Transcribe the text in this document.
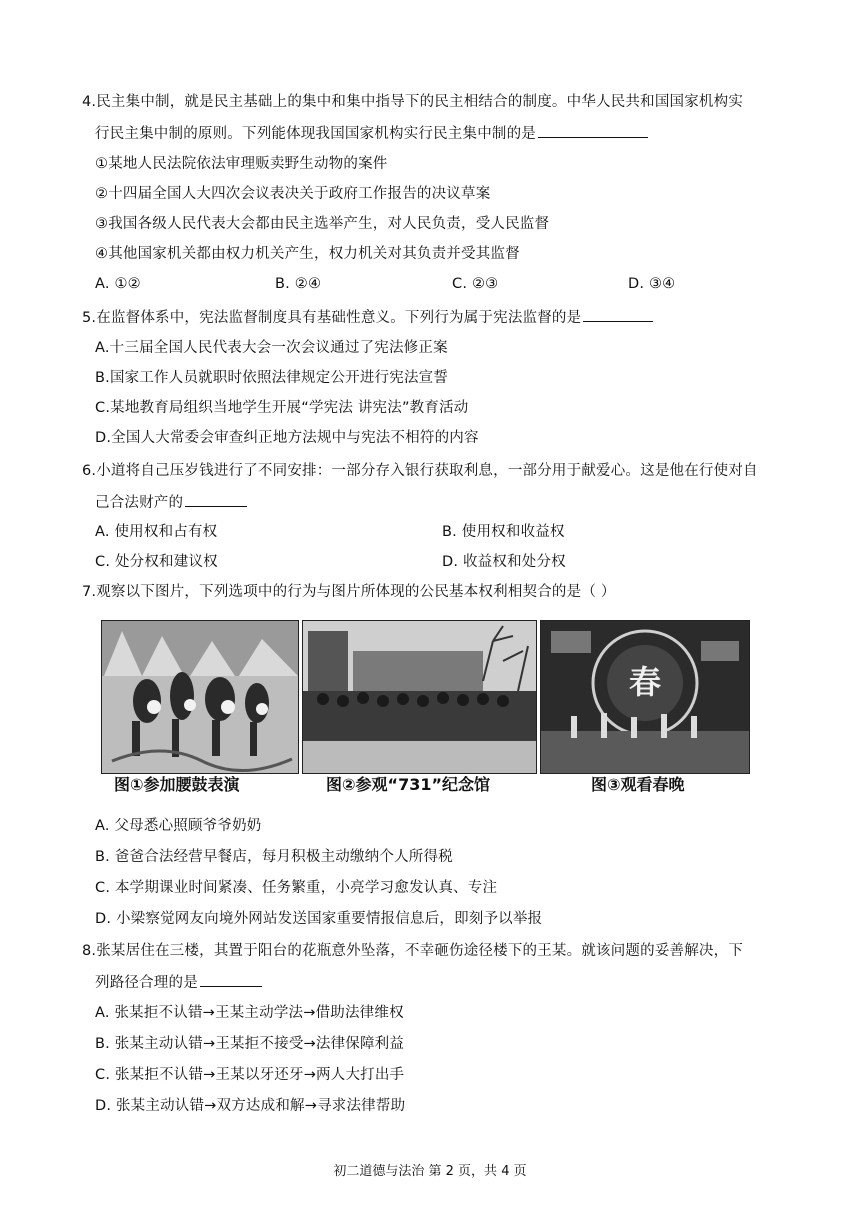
4.民主集中制，就是民主基础上的集中和集中指导下的民主相结合的制度。中华人民共和国国家机构实
行民主集中制的原则。下列能体现我国国家机构实行民主集中制的是
①某地人民法院依法审理贩卖野生动物的案件
②十四届全国人大四次会议表决关于政府工作报告的决议草案
③我国各级人民代表大会都由民主选举产生，对人民负责，受人民监督
④其他国家机关都由权力机关产生，权力机关对其负责并受其监督
A. ①②	B. ②④	C. ②③	D. ③④
5.在监督体系中，宪法监督制度具有基础性意义。下列行为属于宪法监督的是
A.十三届全国人民代表大会一次会议通过了宪法修正案
B.国家工作人员就职时依照法律规定公开进行宪法宣誓
C.某地教育局组织当地学生开展“学宪法 讲宪法”教育活动
D.全国人大常委会审查纠正地方法规中与宪法不相符的内容
6.小道将自己压岁钱进行了不同安排：一部分存入银行获取利息，一部分用于献爱心。这是他在行使对自
己合法财产的
A. 使用权和占有权	B. 使用权和收益权
C. 处分权和建议权	D. 收益权和处分权
7.观察以下图片，下列选项中的行为与图片所体现的公民基本权利相契合的是（ ）
春
图①参加腰鼓表演	图②参观“731”纪念馆	图③观看春晚
A. 父母悉心照顾爷爷奶奶
B. 爸爸合法经营早餐店，每月积极主动缴纳个人所得税
C. 本学期课业时间紧凑、任务繁重，小亮学习愈发认真、专注
D. 小梁察觉网友向境外网站发送国家重要情报信息后，即刻予以举报
8.张某居住在三楼，其置于阳台的花瓶意外坠落，不幸砸伤途径楼下的王某。就该问题的妥善解决，下
列路径合理的是
A. 张某拒不认错→王某主动学法→借助法律维权
B. 张某主动认错→王某拒不接受→法律保障利益
C. 张某拒不认错→王某以牙还牙→两人大打出手
D. 张某主动认错→双方达成和解→寻求法律帮助
初二道德与法治 第 2 页，共 4 页
